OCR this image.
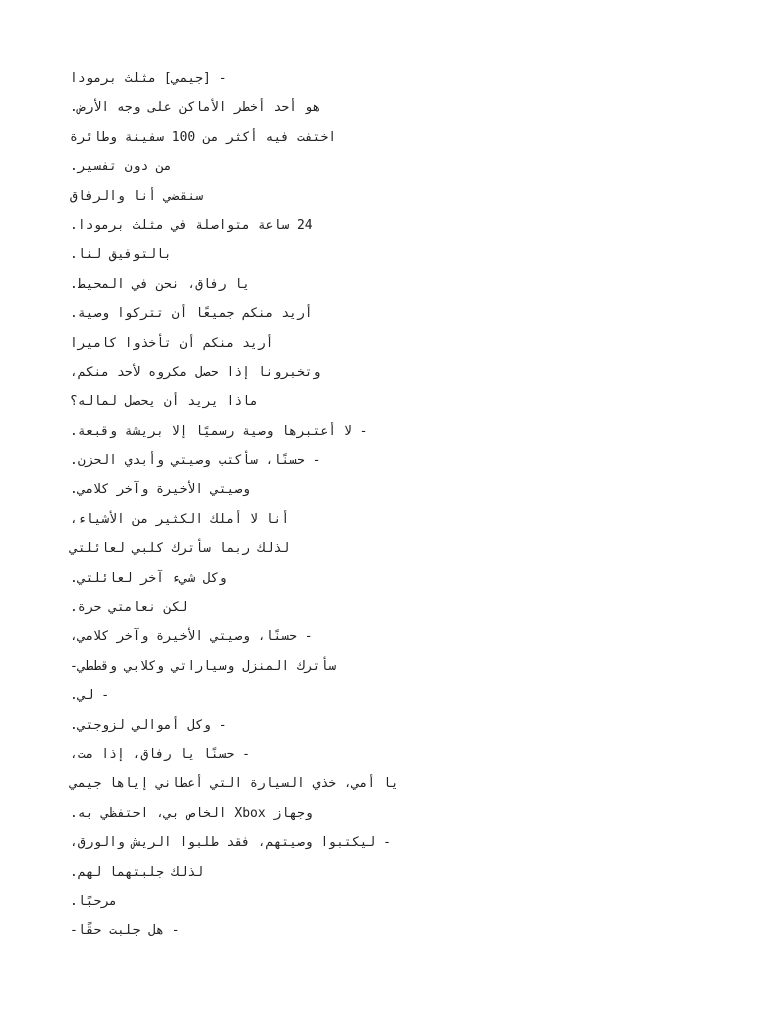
- [جيمي] مثلث برمودا
هو أحد أخطر الأماكن على وجه الأرض.
اختفت فيه أكثر من 100 سفينة وطائرة
من دون تفسير.
سنقضي أنا والرفاق
24 ساعة متواصلة في مثلث برمودا.
بالتوفيق لنا.
يا رفاق، نحن في المحيط.
أريد منكم جميعًا أن تتركوا وصية.
أريد منكم أن تأخذوا كاميرا
وتخبرونا إذا حصل مكروه لأحد منكم،
ماذا يريد أن يحصل لماله؟
- لا أعتبرها وصية رسميًا إلا بريشة وقبعة.
- حسنًا، سأكتب وصيتي وأبدي الحزن.
وصيتي الأخيرة وآخر كلامي.
أنا لا أملك الكثير من الأشياء،
لذلك ربما سأترك كلبي لعائلتي
وكل شيء آخر لعائلتي.
لكن نعامتي حرة.
- حسنًا، وصيتي الأخيرة وآخر كلامي،
سأترك المنزل وسياراتي وكلابي وقططي-
- لي.
- وكل أموالي لزوجتي.
- حسنًا يا رفاق، إذا مت،
يا أمي، خذي السيارة التي أعطاني إياها جيمي
وجهاز Xbox الخاص بي، احتفظي به.
- ليكتبوا وصيتهم، فقد طلبوا الريش والورق،
لذلك جلبتهما لهم.
مرحبًا.
- هل جلبت حقًا-
